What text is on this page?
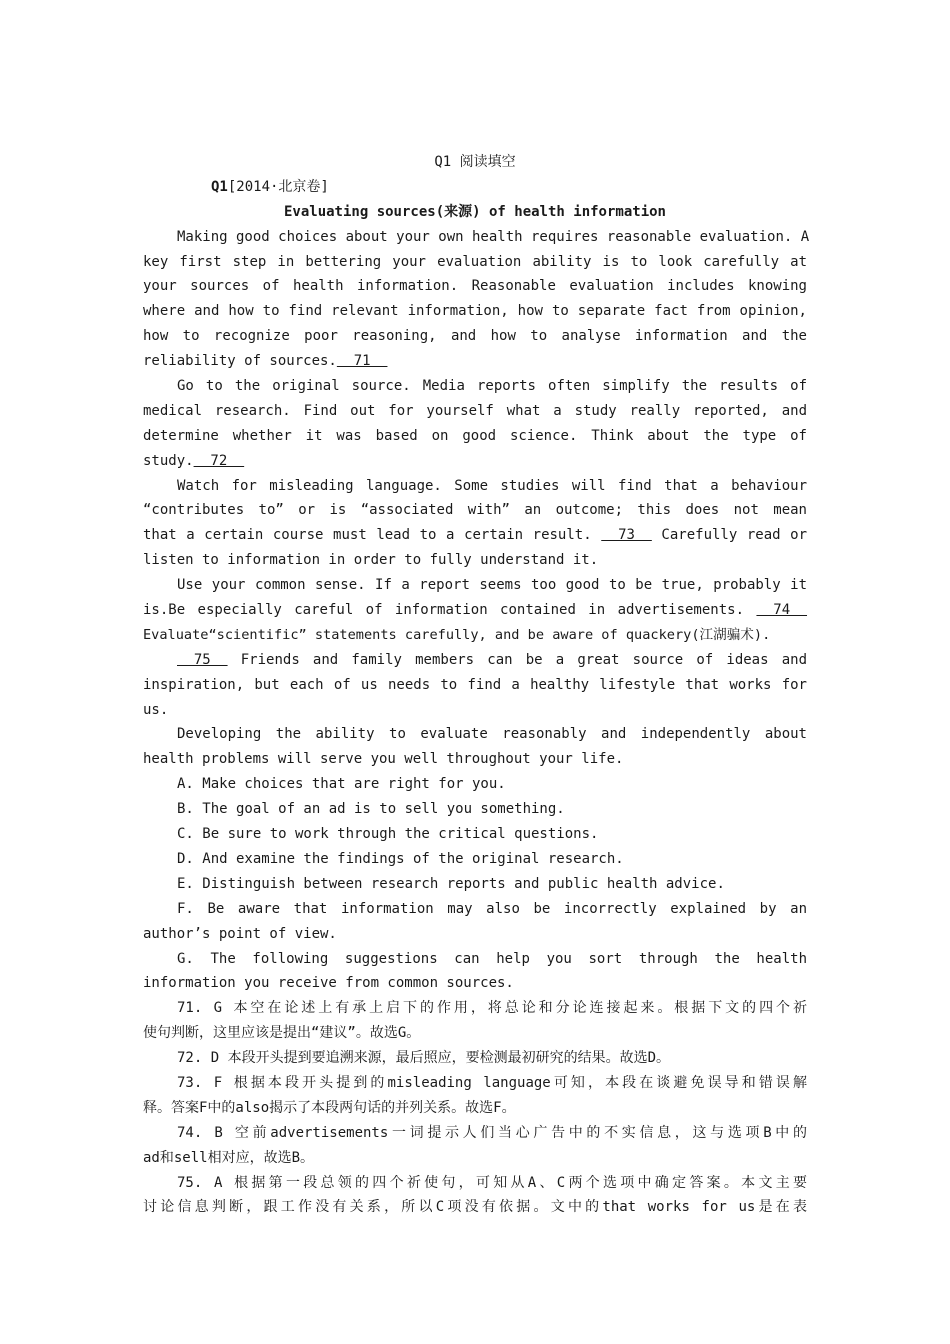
Q1 阅读填空
Q1[2014·北京卷]
Evaluating sources(来源) of health information
Making good choices about your own health requires reasonable evaluation. A
key first step in bettering your evaluation ability is to look carefully at
your sources of health information. Reasonable evaluation includes knowing
where and how to find relevant information, how to separate fact from opinion,
how to recognize poor reasoning, and how to analyse information and the
reliability of sources.  71
Go to the original source. Media reports often simplify the results of
medical research. Find out for yourself what a study really reported, and
determine whether it was based on good science. Think about the type of
study.  72
Watch for misleading language. Some studies will find that a behaviour
“contributes to” or is “associated with” an outcome; this does not mean
that a certain course must lead to a certain result.   73   Carefully read or
listen to information in order to fully understand it.
Use your common sense. If a report seems too good to be true, probably it
is.Be especially careful of information contained in advertisements.   74
Evaluate“scientific” statements carefully, and be aware of quackery(江湖骗术).
75   Friends and family members can be a great source of ideas and
inspiration, but each of us needs to find a healthy lifestyle that works for
us.
Developing the ability to evaluate reasonably and independently about
health problems will serve you well throughout your life.
A. Make choices that are right for you.
B. The goal of an ad is to sell you something.
C. Be sure to work through the critical questions.
D. And examine the findings of the original research.
E. Distinguish between research reports and public health advice.
F. Be aware that information may also be incorrectly explained by an
author’s point of view.
G. The following suggestions can help you sort through the health
information you receive from common sources.
71. G 本空在论述上有承上启下的作用，将总论和分论连接起来。根据下文的四个祈
使句判断，这里应该是提出“建议”。故选G。
72. D 本段开头提到要追溯来源，最后照应，要检测最初研究的结果。故选D。
73. F 根据本段开头提到的misleading language可知，本段在谈避免误导和错误解
释。答案F中的also揭示了本段两句话的并列关系。故选F。
74. B 空前advertisements一词提示人们当心广告中的不实信息，这与选项B中的
ad和sell相对应，故选B。
75. A 根据第一段总领的四个祈使句，可知从A、C两个选项中确定答案。本文主要
讨论信息判断，跟工作没有关系，所以C项没有依据。文中的that works for us是在表
